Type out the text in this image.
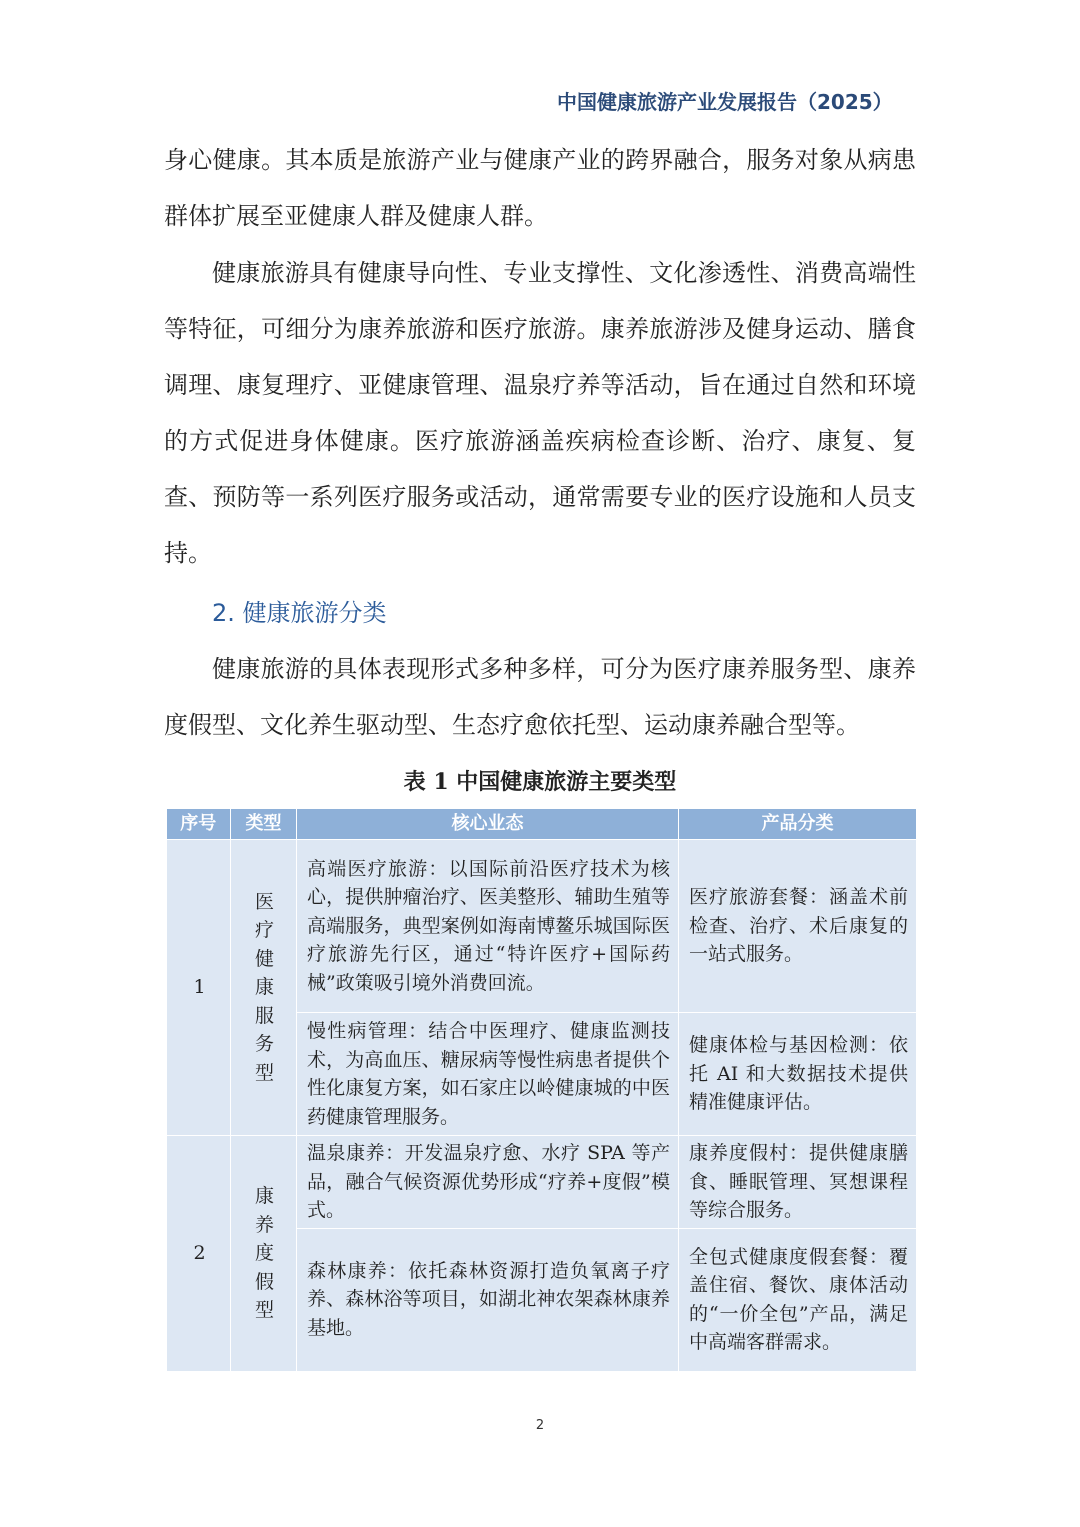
中国健康旅游产业发展报告（2025）

身心健康。其本质是旅游产业与健康产业的跨界融合，服务对象从病患群体扩展至亚健康人群及健康人群。

健康旅游具有健康导向性、专业支撑性、文化渗透性、消费高端性等特征，可细分为康养旅游和医疗旅游。康养旅游涉及健身运动、膳食调理、康复理疗、亚健康管理、温泉疗养等活动，旨在通过自然和环境的方式促进身体健康。医疗旅游涵盖疾病检查诊断、治疗、康复、复查、预防等一系列医疗服务或活动，通常需要专业的医疗设施和人员支持。

2. 健康旅游分类

健康旅游的具体表现形式多种多样，可分为医疗康养服务型、康养度假型、文化养生驱动型、生态疗愈依托型、运动康养融合型等。

表 1 中国健康旅游主要类型
序号	类型	核心业态	产品分类
1	医疗健康服务型	高端医疗旅游：以国际前沿医疗技术为核心，提供肿瘤治疗、医美整形、辅助生殖等高端服务，典型案例如海南博鳌乐城国际医疗旅游先行区，通过“特许医疗+国际药械”政策吸引境外消费回流。	医疗旅游套餐：涵盖术前检查、治疗、术后康复的一站式服务。
		慢性病管理：结合中医理疗、健康监测技术，为高血压、糖尿病等慢性病患者提供个性化康复方案，如石家庄以岭健康城的中医药健康管理服务。	健康体检与基因检测：依托 AI 和大数据技术提供精准健康评估。
2	康养度假型	温泉康养：开发温泉疗愈、水疗 SPA 等产品，融合气候资源优势形成“疗养+度假”模式。	康养度假村：提供健康膳食、睡眠管理、冥想课程等综合服务。
		森林康养：依托森林资源打造负氧离子疗养、森林浴等项目，如湖北神农架森林康养基地。	全包式健康度假套餐：覆盖住宿、餐饮、康体活动的“一价全包”产品，满足中高端客群需求。
2
